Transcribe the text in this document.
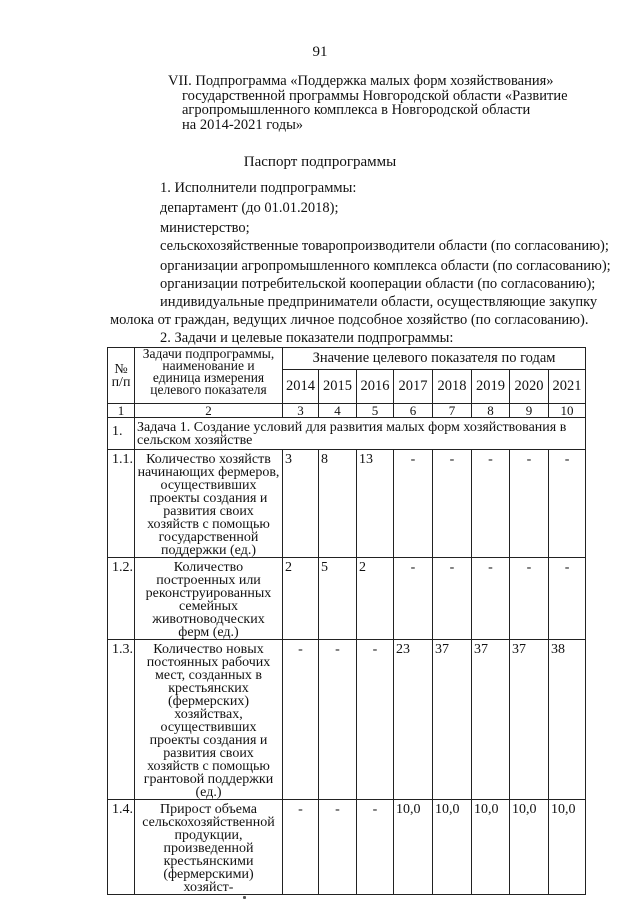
91
VII. Подпрограмма «Поддержка малых форм хозяйствования»
государственной программы Новгородской области «Развитие
агропромышленного комплекса в Новгородской области
на 2014-2021 годы»
Паспорт подпрограммы
1. Исполнители подпрограммы:
департамент (до 01.01.2018);
министерство;
сельскохозяйственные товаропроизводители области (по согласованию);
организации агропромышленного комплекса области (по согласованию);
организации потребительской кооперации области (по согласованию);
индивидуальные предприниматели области, осуществляющие закупку
молока от граждан, ведущих личное подсобное хозяйство (по согласованию).
2. Задачи и целевые показатели подпрограммы:
№ п/п	Задачи подпрограммы, наименование и единица измерения целевого показателя	Значение целевого показателя по годам							
		2014	2015	2016	2017	2018	2019	2020	2021
1	2	3	4	5	6	7	8	9	10
1.	Задача 1. Создание условий для развития малых форм хозяйствования в сельском хозяйстве								
1.1.	Количество хозяйств начинающих фермеров, осуществивших проекты создания и развития своих хозяйств с помощью государственной поддержки (ед.)	3	8	13	-	-	-	-	-
1.2.	Количество построенных или реконструированных семейных животноводческих ферм (ед.)	2	5	2	-	-	-	-	-
1.3.	Количество новых постоянных рабочих мест, созданных в крестьянских (фермерских) хозяйствах, осуществивших проекты создания и развития своих хозяйств с помощью грантовой поддержки (ед.)	-	-	-	23	37	37	37	38
1.4.	Прирост объема сельскохозяйственной продукции, произведенной крестьянскими (фермерскими) хозяйст-	-	-	-	10,0	10,0	10,0	10,0	10,0
